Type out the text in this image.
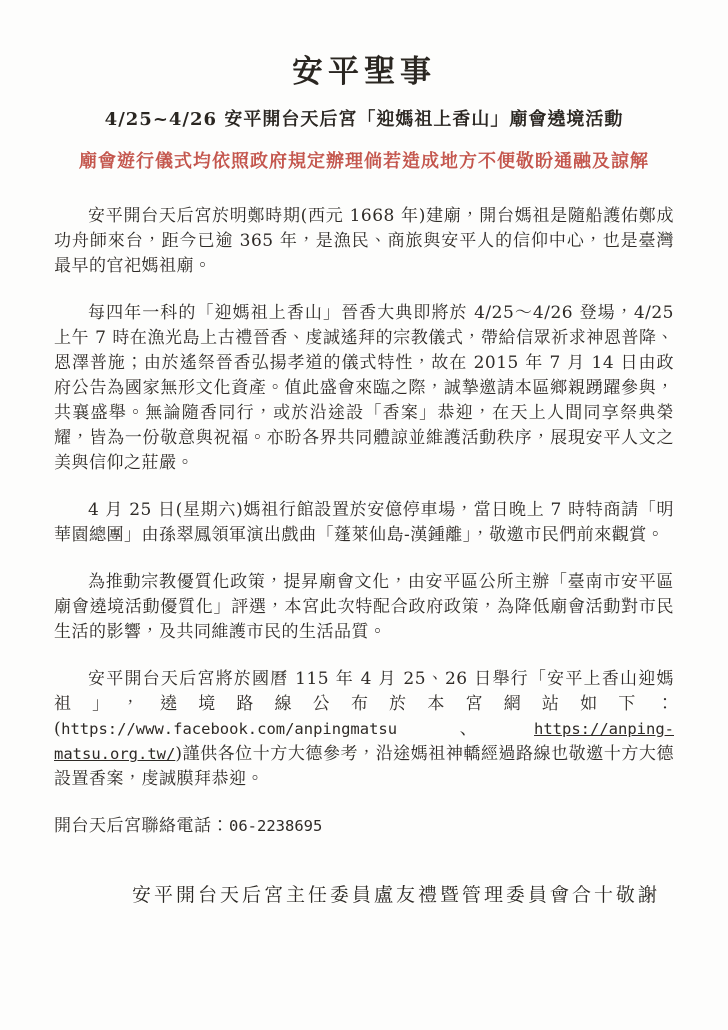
安平聖事
4/25~4/26 安平開台天后宮「迎媽祖上香山」廟會遶境活動
廟會遊行儀式均依照政府規定辦理倘若造成地方不便敬盼通融及諒解

安平開台天后宮於明鄭時期(西元 1668 年)建廟，開台媽祖是隨船護佑鄭成功舟師來台，距今已逾 365 年，是漁民、商旅與安平人的信仰中心，也是臺灣最早的官祀媽祖廟。

每四年一科的「迎媽祖上香山」晉香大典即將於 4/25～4/26 登場，4/25 上午 7 時在漁光島上古禮晉香、虔誠遙拜的宗教儀式，帶給信眾祈求神恩普降、恩澤普施；由於遙祭晉香弘揚孝道的儀式特性，故在 2015 年 7 月 14 日由政府公告為國家無形文化資產。值此盛會來臨之際，誠摯邀請本區鄉親踴躍參與，共襄盛舉。無論隨香同行，或於沿途設「香案」恭迎，在天上人間同享祭典榮耀，皆為一份敬意與祝福。亦盼各界共同體諒並維護活動秩序，展現安平人文之美與信仰之莊嚴。

4 月 25 日(星期六)媽祖行館設置於安億停車場，當日晚上 7 時特商請「明華園總團」由孫翠鳳領軍演出戲曲「蓬萊仙島-漢鍾離」，敬邀市民們前來觀賞。

為推動宗教優質化政策，提昇廟會文化，由安平區公所主辦「臺南市安平區廟會遶境活動優質化」評選，本宮此次特配合政府政策，為降低廟會活動對市民生活的影響，及共同維護市民的生活品質。

安平開台天后宮將於國曆 115 年 4 月 25、26 日舉行「安平上香山迎媽祖」，遶境路線公布於本宮網站如下：(https://www.facebook.com/anpingmatsu 、https://anping-matsu.org.tw/)謹供各位十方大德參考，沿途媽祖神轎經過路線也敬邀十方大德設置香案，虔誠膜拜恭迎。

開台天后宮聯絡電話：06-2238695

安平開台天后宮主任委員盧友禮暨管理委員會合十敬謝
